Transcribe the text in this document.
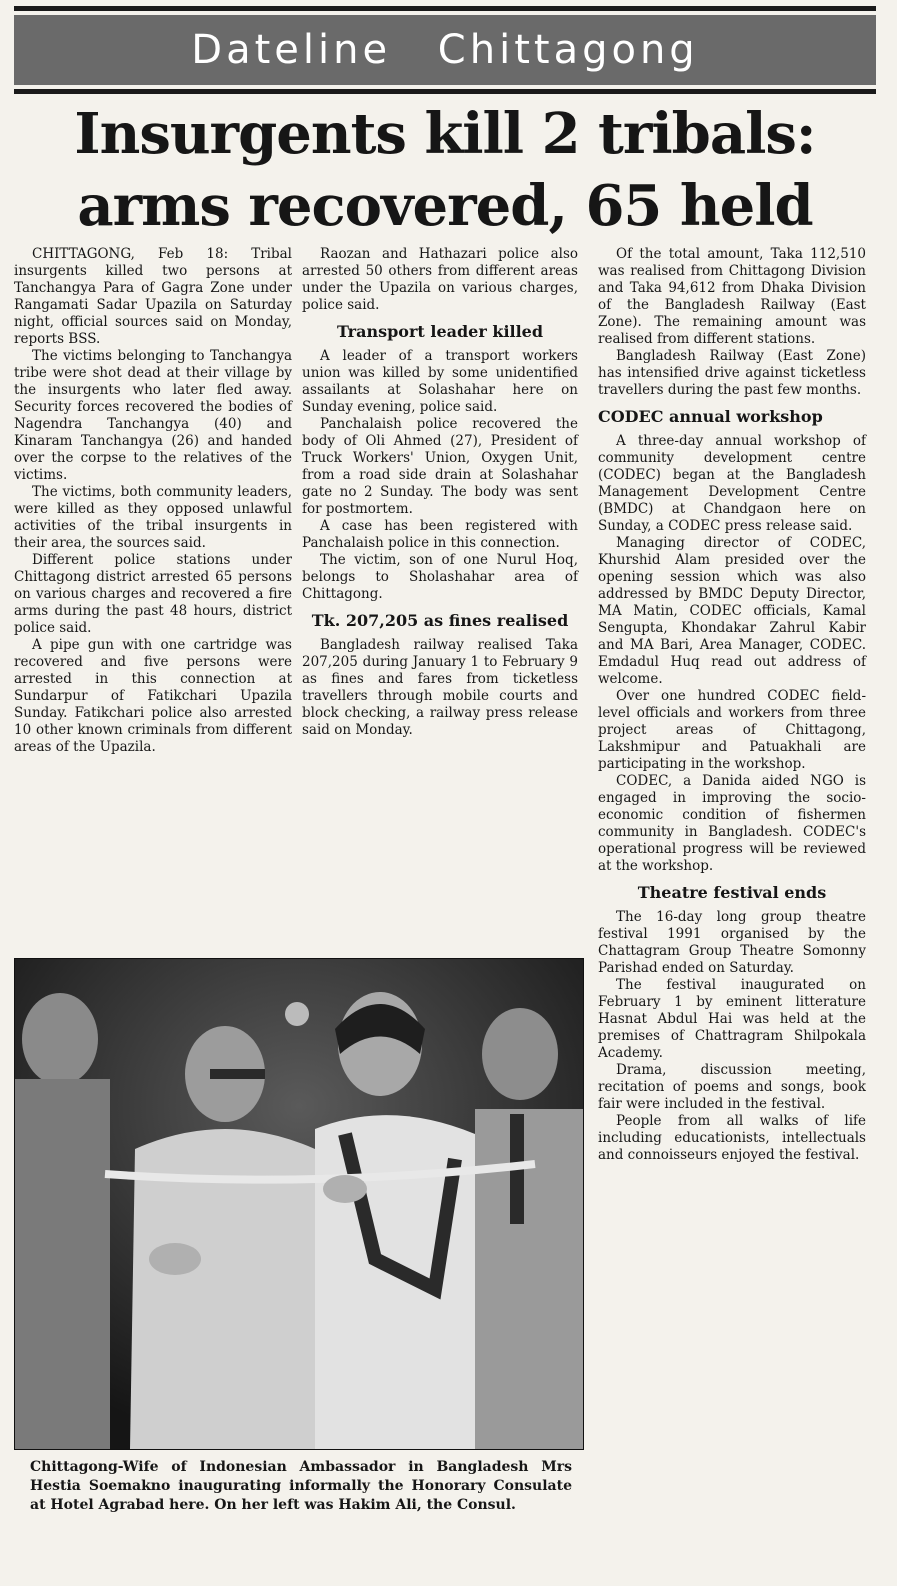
Dateline Chittagong
Insurgents kill 2 tribals:
arms recovered, 65 held

CHITTAGONG, Feb 18: Tribal insurgents killed two persons at Tanchangya Para of Gagra Zone under Rangamati Sadar Upazila on Saturday night, official sources said on Monday, reports BSS.

The victims belonging to Tanchangya tribe were shot dead at their village by the insurgents who later fled away. Security forces recovered the bodies of Nagendra Tanchangya (40) and Kinaram Tanchangya (26) and handed over the corpse to the relatives of the victims.

The victims, both community leaders, were killed as they opposed unlawful activities of the tribal insurgents in their area, the sources said.

Different police stations under Chittagong district arrested 65 persons on various charges and recovered a fire arms during the past 48 hours, district police said.

A pipe gun with one cartridge was recovered and five persons were arrested in this connection at Sundarpur of Fatikchari Upazila Sunday. Fatikchari police also arrested 10 other known criminals from different areas of the Upazila.

Raozan and Hathazari police also arrested 50 others from different areas under the Upazila on various charges, police said.

Transport leader killed

A leader of a transport workers union was killed by some unidentified assailants at Solashahar here on Sunday evening, police said.

Panchalaish police recovered the body of Oli Ahmed (27), President of Truck Workers' Union, Oxygen Unit, from a road side drain at Solashahar gate no 2 Sunday. The body was sent for postmortem.

A case has been registered with Panchalaish police in this connection.

The victim, son of one Nurul Hoq, belongs to Sholashahar area of Chittagong.

Tk. 207,205 as fines realised

Bangladesh railway realised Taka 207,205 during January 1 to February 9 as fines and fares from ticketless travellers through mobile courts and block checking, a railway press release said on Monday.

Of the total amount, Taka 112,510 was realised from Chittagong Division and Taka 94,612 from Dhaka Division of the Bangladesh Railway (East Zone). The remaining amount was realised from different stations.

Bangladesh Railway (East Zone) has intensified drive against ticketless travellers during the past few months.

CODEC annual workshop

A three-day annual workshop of community development centre (CODEC) began at the Bangladesh Management Development Centre (BMDC) at Chandgaon here on Sunday, a CODEC press release said.

Managing director of CODEC, Khurshid Alam presided over the opening session which was also addressed by BMDC Deputy Director, MA Matin, CODEC officials, Kamal Sengupta, Khondakar Zahrul Kabir and MA Bari, Area Manager, CODEC. Emdadul Huq read out address of welcome.

Over one hundred CODEC field-level officials and workers from three project areas of Chittagong, Lakshmipur and Patuakhali are participating in the workshop.

CODEC, a Danida aided NGO is engaged in improving the socio-economic condition of fishermen community in Bangladesh. CODEC's operational progress will be reviewed at the workshop.

Theatre festival ends

The 16-day long group theatre festival 1991 organised by the Chattagram Group Theatre Somonny Parishad ended on Saturday.

The festival inaugurated on February 1 by eminent litterature Hasnat Abdul Hai was held at the premises of Chattragram Shilpokala Academy.

Drama, discussion meeting, recitation of poems and songs, book fair were included in the festival.

People from all walks of life including educationists, intellectuals and connoisseurs enjoyed the festival.

Chittagong-Wife of Indonesian Ambassador in Bangladesh Mrs Hestia Soemakno inaugurating informally the Honorary Consulate at Hotel Agrabad here. On her left was Hakim Ali, the Consul.
